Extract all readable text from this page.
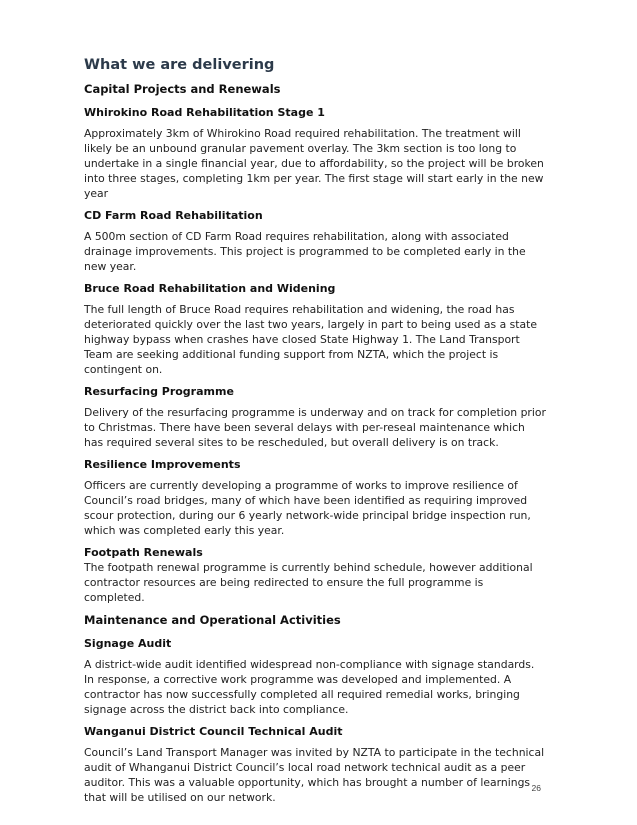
What we are delivering
Capital Projects and Renewals
Whirokino Road Rehabilitation Stage 1

Approximately 3km of Whirokino Road required rehabilitation. The treatment will likely be an unbound granular pavement overlay. The 3km section is too long to undertake in a single financial year, due to affordability, so the project will be broken into three stages, completing 1km per year. The first stage will start early in the new year

CD Farm Road Rehabilitation

A 500m section of CD Farm Road requires rehabilitation, along with associated drainage improvements. This project is programmed to be completed early in the new year.

Bruce Road Rehabilitation and Widening

The full length of Bruce Road requires rehabilitation and widening, the road has deteriorated quickly over the last two years, largely in part to being used as a state highway bypass when crashes have closed State Highway 1. The Land Transport Team are seeking additional funding support from NZTA, which the project is contingent on.

Resurfacing Programme

Delivery of the resurfacing programme is underway and on track for completion prior to Christmas. There have been several delays with per-reseal maintenance which has required several sites to be rescheduled, but overall delivery is on track.

Resilience Improvements

Officers are currently developing a programme of works to improve resilience of Council’s road bridges, many of which have been identified as requiring improved scour protection, during our 6 yearly network-wide principal bridge inspection run, which was completed early this year.

Footpath Renewals

The footpath renewal programme is currently behind schedule, however additional contractor resources are being redirected to ensure the full programme is completed.

Maintenance and Operational Activities
Signage Audit

A district-wide audit identified widespread non-compliance with signage standards. In response, a corrective work programme was developed and implemented. A contractor has now successfully completed all required remedial works, bringing signage across the district back into compliance.

Wanganui District Council Technical Audit

Council’s Land Transport Manager was invited by NZTA to participate in the technical audit of Whanganui District Council’s local road network technical audit as a peer auditor. This was a valuable opportunity, which has brought a number of learnings that will be utilised on our network.

26
